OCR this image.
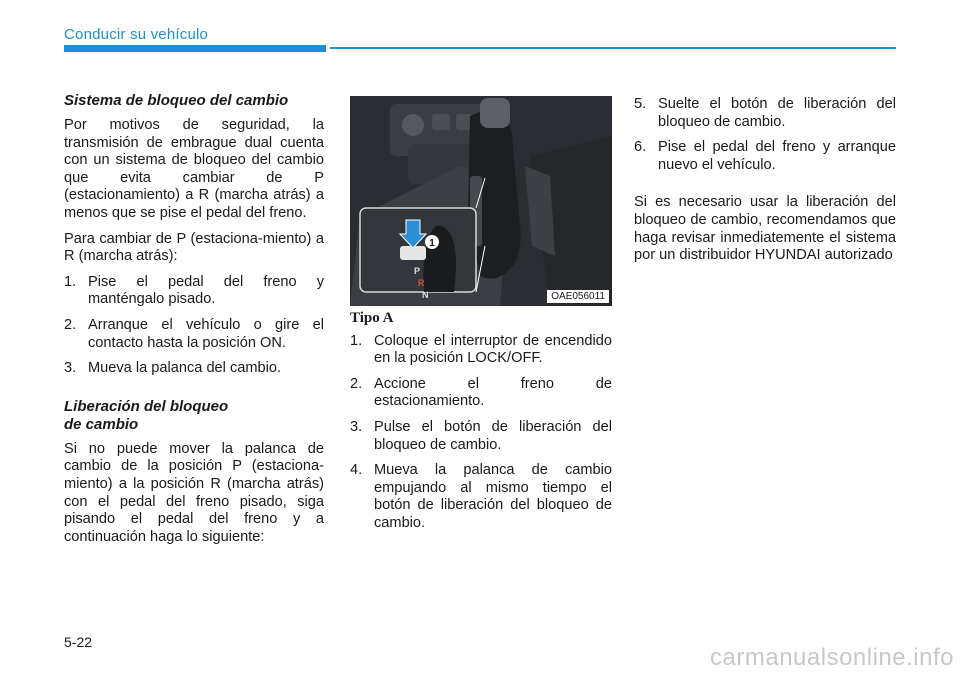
Conducir su vehículo
Sistema de bloqueo del cambio

Por motivos de seguridad, la transmisión de embrague dual cuenta con un sistema de bloqueo del cambio que evita cambiar de P (estacionamiento) a R (marcha atrás) a menos que se pise el pedal del freno.

Para cambiar de P (estaciona-miento) a R (marcha atrás):

1. Pise el pedal del freno y manténgalo pisado.
2. Arranque el vehículo o gire el contacto hasta la posición ON.
3. Mueva la palanca del cambio.
Liberación del bloqueo
de cambio

Si no puede mover la palanca de cambio de la posición P (estaciona-miento) a la posición R (marcha atrás) con el pedal del freno pisado, siga pisando el pedal del freno y a continuación haga lo siguiente:

1
P
R
N	OAE056011
Tipo A
1. Coloque el interruptor de encendido en la posición LOCK/OFF.
2. Accione el freno de estacionamiento.
3. Pulse el botón de liberación del bloqueo de cambio.
4. Mueva la palanca de cambio empujando al mismo tiempo el botón de liberación del bloqueo de cambio.
5. Suelte el botón de liberación del bloqueo de cambio.
6. Pise el pedal del freno y arranque nuevo el vehículo.

Si es necesario usar la liberación del bloqueo de cambio, recomendamos que haga revisar inmediatemente el sistema por un distribuidor HYUNDAI autorizado

5-22
carmanualsonline.info
